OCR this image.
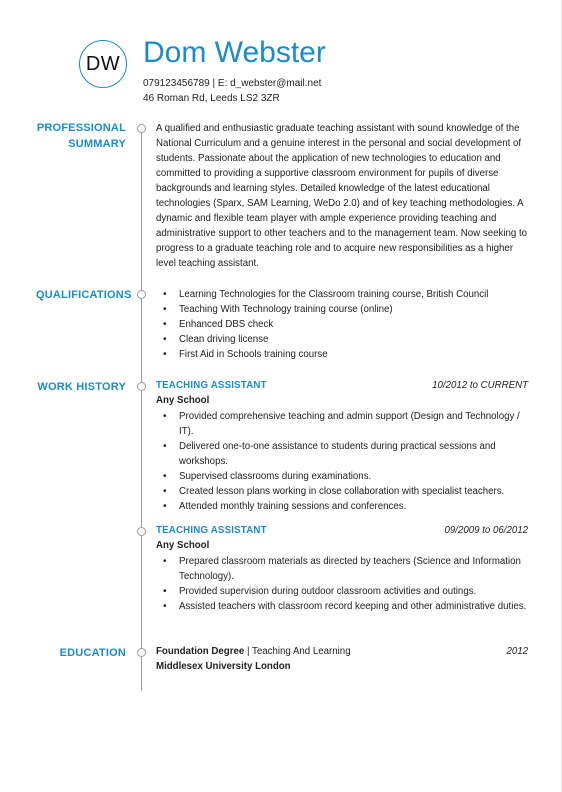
DW Dom Webster
079123456789 | E: d_webster@mail.net
46 Roman Rd, Leeds LS2 3ZR
PROFESSIONAL
SUMMARY

A qualified and enthusiastic graduate teaching assistant with sound knowledge of the National Curriculum and a genuine interest in the personal and social development of students. Passionate about the application of new technologies to education and committed to providing a supportive classroom environment for pupils of diverse backgrounds and learning styles. Detailed knowledge of the latest educational technologies (Sparx, SAM Learning, WeDo 2.0) and of key teaching methodologies. A dynamic and flexible team player with ample experience providing teaching and administrative support to other teachers and to the management team. Now seeking to progress to a graduate teaching role and to acquire new responsibilities as a higher level teaching assistant.

QUALIFICATIONS
•	Learning Technologies for the Classroom training course, British Council
• Teaching With Technology training course (online)
• Enhanced DBS check
• Clean driving license
• First Aid in Schools training course
WORK HISTORY	TEACHING ASSISTANT	10/2012 to CURRENT
Any School
• Provided comprehensive teaching and admin support (Design and Technology / IT).
• Delivered one-to-one assistance to students during practical sessions and workshops.
• Supervised classrooms during examinations.
• Created lesson plans working in close collaboration with specialist teachers.
• Attended monthly training sessions and conferences.
TEACHING ASSISTANT	09/2009 to 06/2012
Any School
• Prepared classroom materials as directed by teachers (Science and Information Technology).
• Provided supervision during outdoor classroom activities and outings.
• Assisted teachers with classroom record keeping and other administrative duties.
EDUCATION	Foundation Degree | Teaching And Learning	2012
Middlesex University London
